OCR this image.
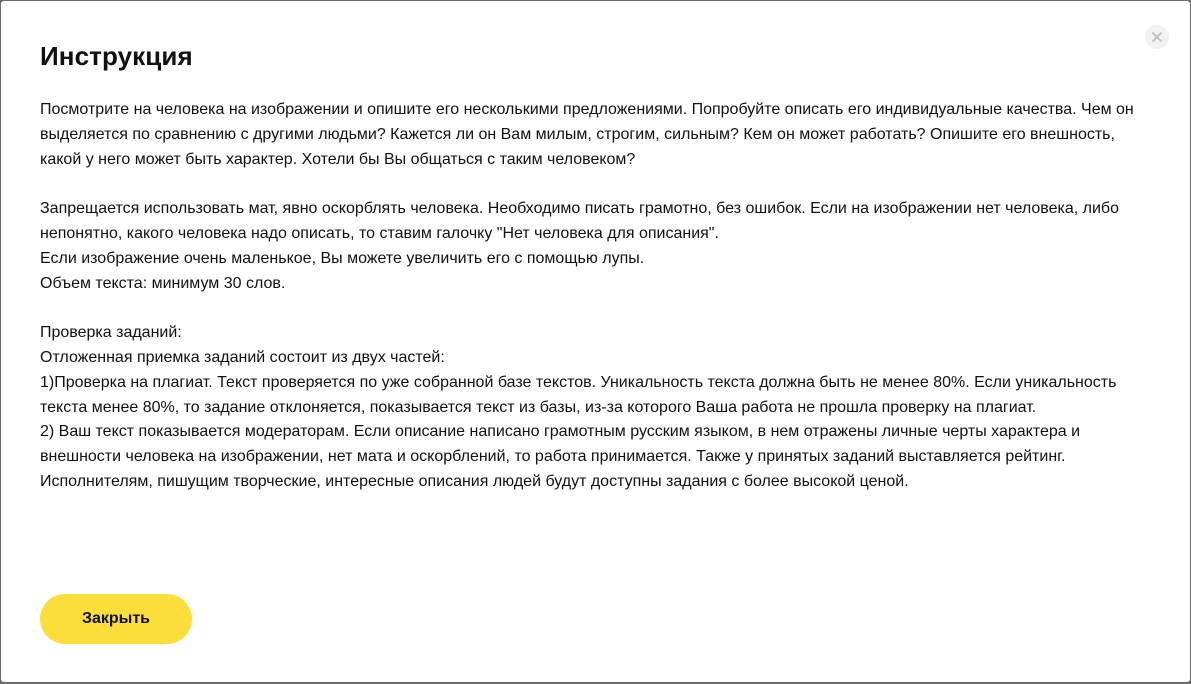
Инструкция

Посмотрите на человека на изображении и опишите его несколькими предложениями. Попробуйте описать его индивидуальные качества. Чем он выделяется по сравнению с другими людьми? Кажется ли он Вам милым, строгим, сильным? Кем он может работать? Опишите его внешность, какой у него может быть характер. Хотели бы Вы общаться с таким человеком?

Запрещается использовать мат, явно оскорблять человека. Необходимо писать грамотно, без ошибок. Если на изображении нет человека, либо непонятно, какого человека надо описать, то ставим галочку "Нет человека для описания".

Если изображение очень маленькое, Вы можете увеличить его с помощью лупы.

Объем текста: минимум 30 слов.

Проверка заданий:

Отложенная приемка заданий состоит из двух частей:

1)Проверка на плагиат. Текст проверяется по уже собранной базе текстов. Уникальность текста должна быть не менее 80%. Если уникальность текста менее 80%, то задание отклоняется, показывается текст из базы, из-за которого Ваша работа не прошла проверку на плагиат.

2) Ваш текст показывается модераторам. Если описание написано грамотным русским языком, в нем отражены личные черты характера и внешности человека на изображении, нет мата и оскорблений, то работа принимается. Также у принятых заданий выставляется рейтинг. Исполнителям, пишущим творческие, интересные описания людей будут доступны задания с более высокой ценой.

Закрыть
